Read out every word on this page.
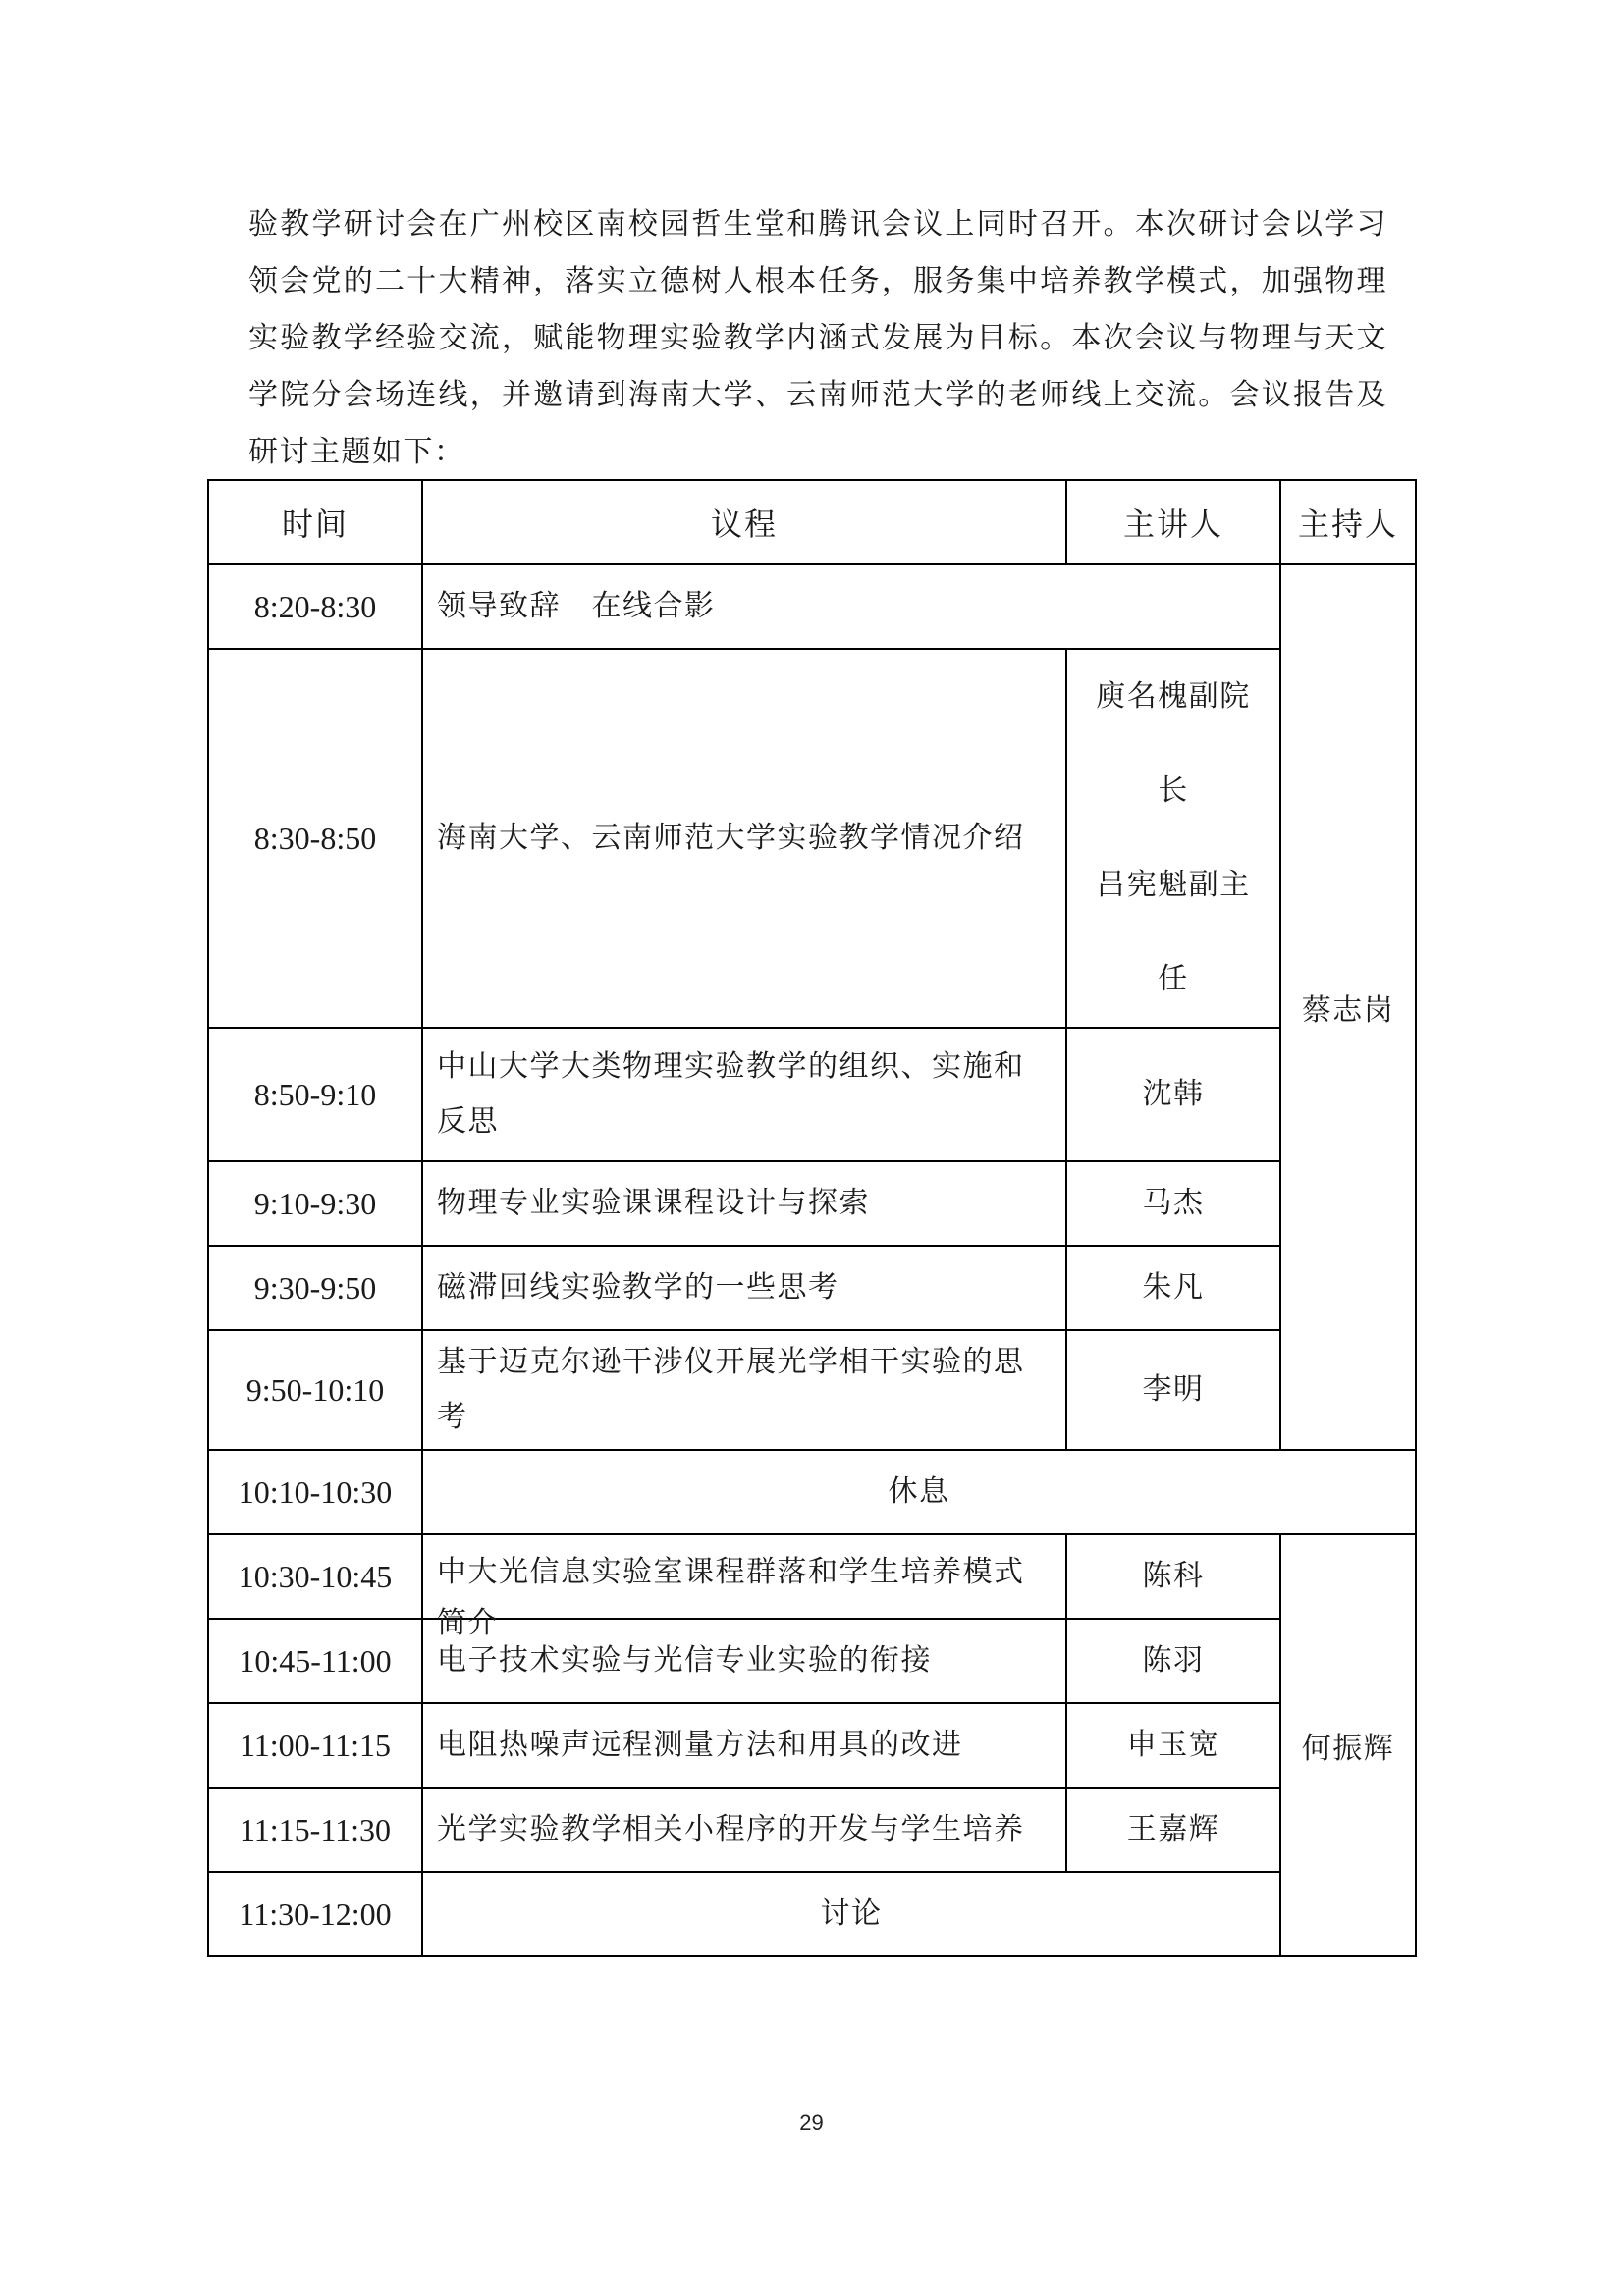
验教学研讨会在广州校区南校园哲生堂和腾讯会议上同时召开。本次研讨会以学习领会党的二十大精神，落实立德树人根本任务，服务集中培养教学模式，加强物理实验教学经验交流，赋能物理实验教学内涵式发展为目标。本次会议与物理与天文学院分会场连线，并邀请到海南大学、云南师范大学的老师线上交流。会议报告及研讨主题如下：

时间	议程	主讲人	主持人
8:20-8:30	领导致辞　在线合影		蔡志岗
8:30-8:50	海南大学、云南师范大学实验教学情况介绍	庾名槐副院长
吕宪魁副主任	

8:50-9:10	中山大学大类物理实验教学的组织、实施和反思	沈韩	
9:10-9:30	物理专业实验课课程设计与探索	马杰	
9:30-9:50	磁滞回线实验教学的一些思考	朱凡	
9:50-10:10	基于迈克尔逊干涉仪开展光学相干实验的思考	李明	
10:10-10:30	休息		
10:30-10:45	中大光信息实验室课程群落和学生培养模式简介	陈科	何振辉
10:45-11:00	电子技术实验与光信专业实验的衔接	陈羽	
11:00-11:15	电阻热噪声远程测量方法和用具的改进	申玉宽	
11:15-11:30	光学实验教学相关小程序的开发与学生培养	王嘉辉	
11:30-12:00	讨论		
29
